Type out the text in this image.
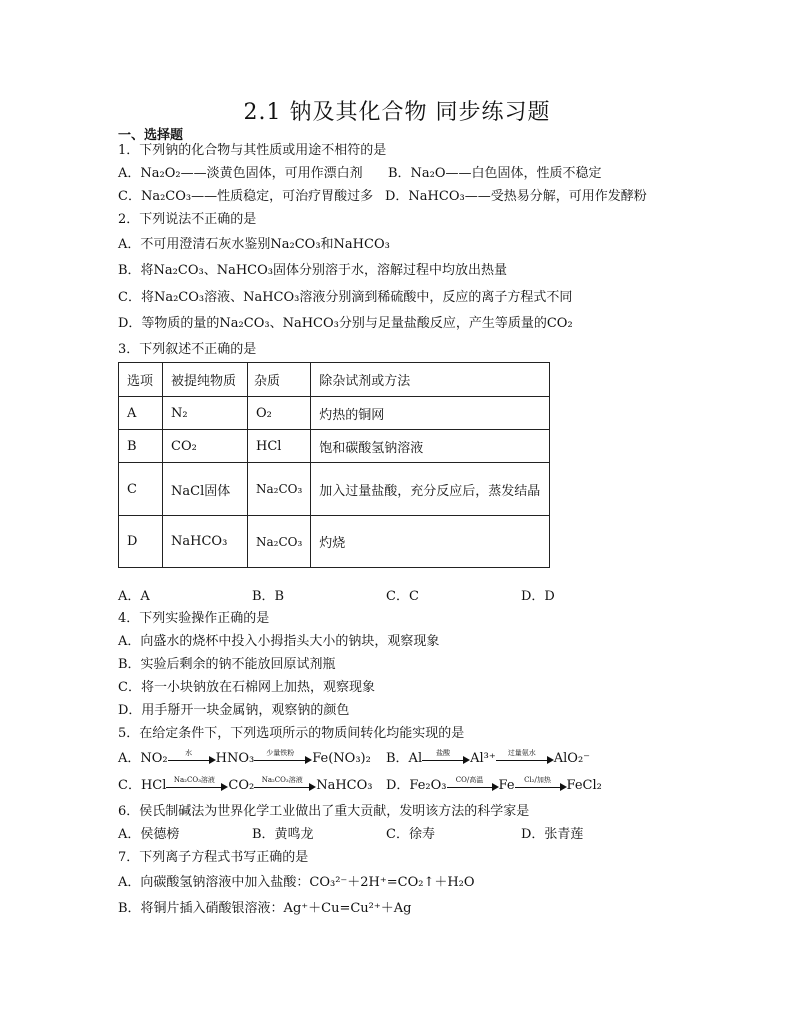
2.1 钠及其化合物 同步练习题
一、选择题
1．下列钠的化合物与其性质或用途不相符的是
A．Na₂O₂——淡黄色固体，可用作漂白剂 B．Na₂O——白色固体，性质不稳定
C．Na₂CO₃——性质稳定，可治疗胃酸过多 D．NaHCO₃——受热易分解，可用作发酵粉
2．下列说法不正确的是
A．不可用澄清石灰水鉴别Na₂CO₃和NaHCO₃
B．将Na₂CO₃、NaHCO₃固体分别溶于水，溶解过程中均放出热量
C．将Na₂CO₃溶液、NaHCO₃溶液分别滴到稀硫酸中，反应的离子方程式不同
D．等物质的量的Na₂CO₃、NaHCO₃分别与足量盐酸反应，产生等质量的CO₂
3．下列叙述不正确的是
选项	被提纯物质	杂质	除杂试剂或方法
A	N₂	O₂	灼热的铜网
B	CO₂	HCl	饱和碳酸氢钠溶液
C	NaCl固体	Na₂CO₃	加入过量盐酸，充分反应后，蒸发结晶
D	NaHCO₃	Na₂CO₃	灼烧
A．A	B．B	C．C	D．D
4．下列实验操作正确的是
A．向盛水的烧杯中投入小拇指头大小的钠块，观察现象
B．实验后剩余的钠不能放回原试剂瓶
C．将一小块钠放在石棉网上加热，观察现象
D．用手掰开一块金属钠，观察钠的颜色
5．在给定条件下，下列选项所示的物质间转化均能实现的是
A．NO₂	水	HNO₃	少量铁粉	Fe(NO₃)₂ B．Al	盐酸	Al³⁺	过量氨水	AlO₂⁻
C．HCl	Na₂CO₃溶液	CO₂	Na₂CO₃溶液	NaHCO₃ D．Fe₂O₃	CO/高温	Fe	Cl₂/加热	FeCl₂
6．侯氏制碱法为世界化学工业做出了重大贡献，发明该方法的科学家是
A．侯德榜	B．黄鸣龙	C．徐寿	D．张青莲
7．下列离子方程式书写正确的是
A．向碳酸氢钠溶液中加入盐酸：CO₃²⁻＋2H⁺=CO₂↑＋H₂O
B．将铜片插入硝酸银溶液：Ag⁺＋Cu=Cu²⁺＋Ag
